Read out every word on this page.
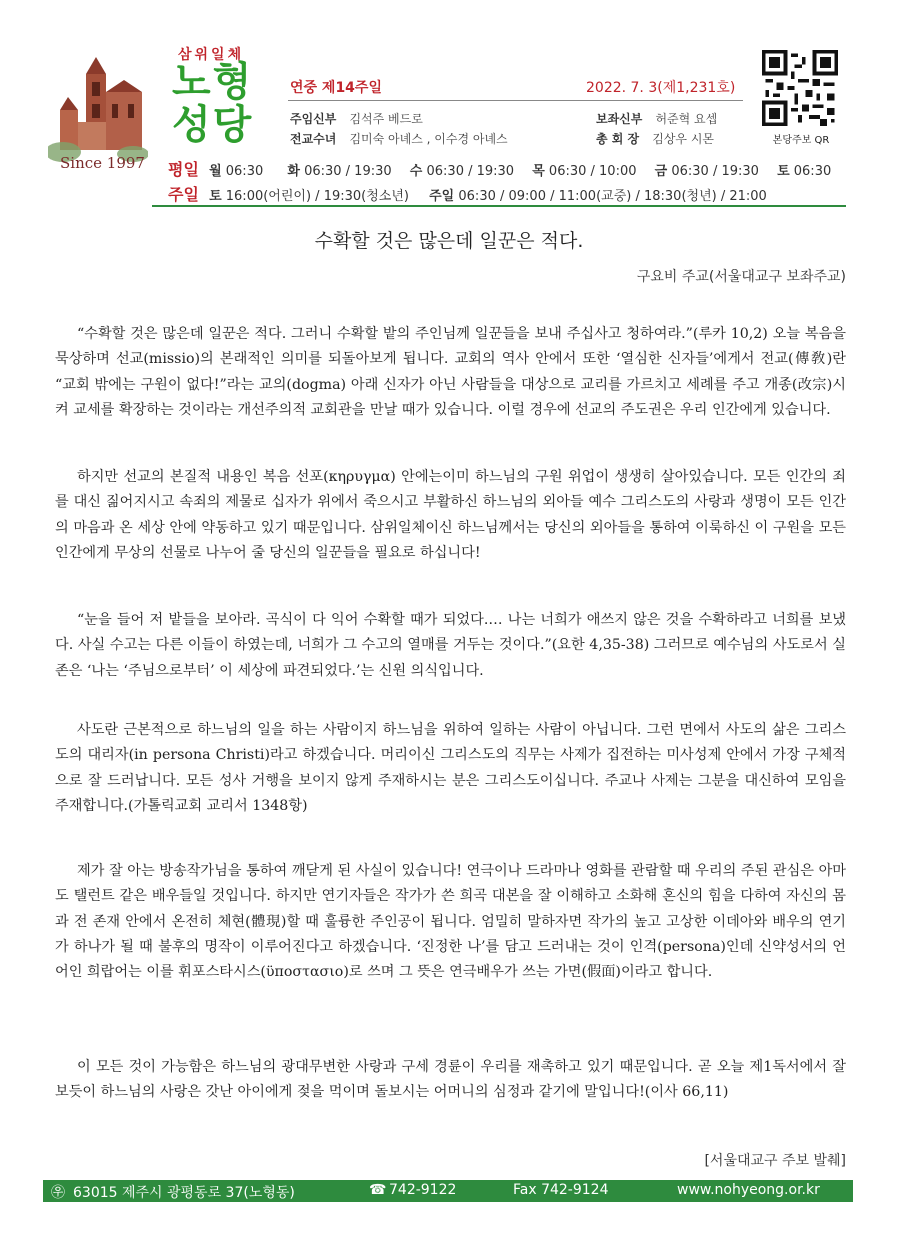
Since 1997
삼위일체
노형
성당
연중 제14주일	2022. 7. 3(제1,231호)
주임신부 김석주 베드로	보좌신부 허준혁 요셉
전교수녀 김미숙 아녜스 , 이수경 아녜스	총 회 장 김상우 시몬	본당주보 QR
평일 월 06:30 화 06:30 / 19:30 수 06:30 / 19:30 목 06:30 / 10:00 금 06:30 / 19:30 토 06:30
주일 토 16:00(어린이) / 19:30(청소년) 주일 06:30 / 09:00 / 11:00(교중) / 18:30(청년) / 21:00
수확할 것은 많은데 일꾼은 적다.
구요비 주교(서울대교구 보좌주교)

“수확할 것은 많은데 일꾼은 적다. 그러니 수확할 밭의 주인님께 일꾼들을 보내 주십사고 청하여라.”(루카 10,2) 오늘 복음을 묵상하며 선교(missio)의 본래적인 의미를 되돌아보게 됩니다. 교회의 역사 안에서 또한 ‘열심한 신자들’에게서 전교(傳敎)란 “교회 밖에는 구원이 없다!”라는 교의(dogma) 아래 신자가 아닌 사람들을 대상으로 교리를 가르치고 세례를 주고 개종(改宗)시켜 교세를 확장하는 것이라는 개선주의적 교회관을 만날 때가 있습니다. 이럴 경우에 선교의 주도권은 우리 인간에게 있습니다.

하지만 선교의 본질적 내용인 복음 선포(κηρυγμα) 안에는이미 하느님의 구원 위업이 생생히 살아있습니다. 모든 인간의 죄를 대신 짊어지시고 속죄의 제물로 십자가 위에서 죽으시고 부활하신 하느님의 외아들 예수 그리스도의 사랑과 생명이 모든 인간의 마음과 온 세상 안에 약동하고 있기 때문입니다. 삼위일체이신 하느님께서는 당신의 외아들을 통하여 이룩하신 이 구원을 모든 인간에게 무상의 선물로 나누어 줄 당신의 일꾼들을 필요로 하십니다!

“눈을 들어 저 밭들을 보아라. 곡식이 다 익어 수확할 때가 되었다.… 나는 너희가 애쓰지 않은 것을 수확하라고 너희를 보냈다. 사실 수고는 다른 이들이 하였는데, 너희가 그 수고의 열매를 거두는 것이다.”(요한 4,35-38) 그러므로 예수님의 사도로서 실존은 ‘나는 ‘주님으로부터’ 이 세상에 파견되었다.’는 신원 의식입니다.

사도란 근본적으로 하느님의 일을 하는 사람이지 하느님을 위하여 일하는 사람이 아닙니다. 그런 면에서 사도의 삶은 그리스도의 대리자(in persona Christi)라고 하겠습니다. 머리이신 그리스도의 직무는 사제가 집전하는 미사성제 안에서 가장 구체적으로 잘 드러납니다. 모든 성사 거행을 보이지 않게 주재하시는 분은 그리스도이십니다. 주교나 사제는 그분을 대신하여 모임을 주재합니다.(가톨릭교회 교리서 1348항)

제가 잘 아는 방송작가님을 통하여 깨닫게 된 사실이 있습니다! 연극이나 드라마나 영화를 관람할 때 우리의 주된 관심은 아마도 탤런트 같은 배우들일 것입니다. 하지만 연기자들은 작가가 쓴 희곡 대본을 잘 이해하고 소화해 혼신의 힘을 다하여 자신의 몸과 전 존재 안에서 온전히 체현(體現)할 때 훌륭한 주인공이 됩니다. 엄밀히 말하자면 작가의 높고 고상한 이데아와 배우의 연기가 하나가 될 때 불후의 명작이 이루어진다고 하겠습니다. ‘진정한 나’를 담고 드러내는 것이 인격(persona)인데 신약성서의 언어인 희랍어는 이를 휘포스타시스(ϋποστασιο)로 쓰며 그 뜻은 연극배우가 쓰는 가면(假面)이라고 합니다.

이 모든 것이 가능함은 하느님의 광대무변한 사랑과 구세 경륜이 우리를 재촉하고 있기 때문입니다. 곧 오늘 제1독서에서 잘 보듯이 하느님의 사랑은 갓난 아이에게 젖을 먹이며 돌보시는 어머니의 심정과 같기에 말입니다!(이사 66,11)

[서울대교구 주보 발췌]
㉾ 63015 제주시 광평동로 37(노형동)	☎ 742-9122	Fax 742-9124	www.nohyeong.or.kr
